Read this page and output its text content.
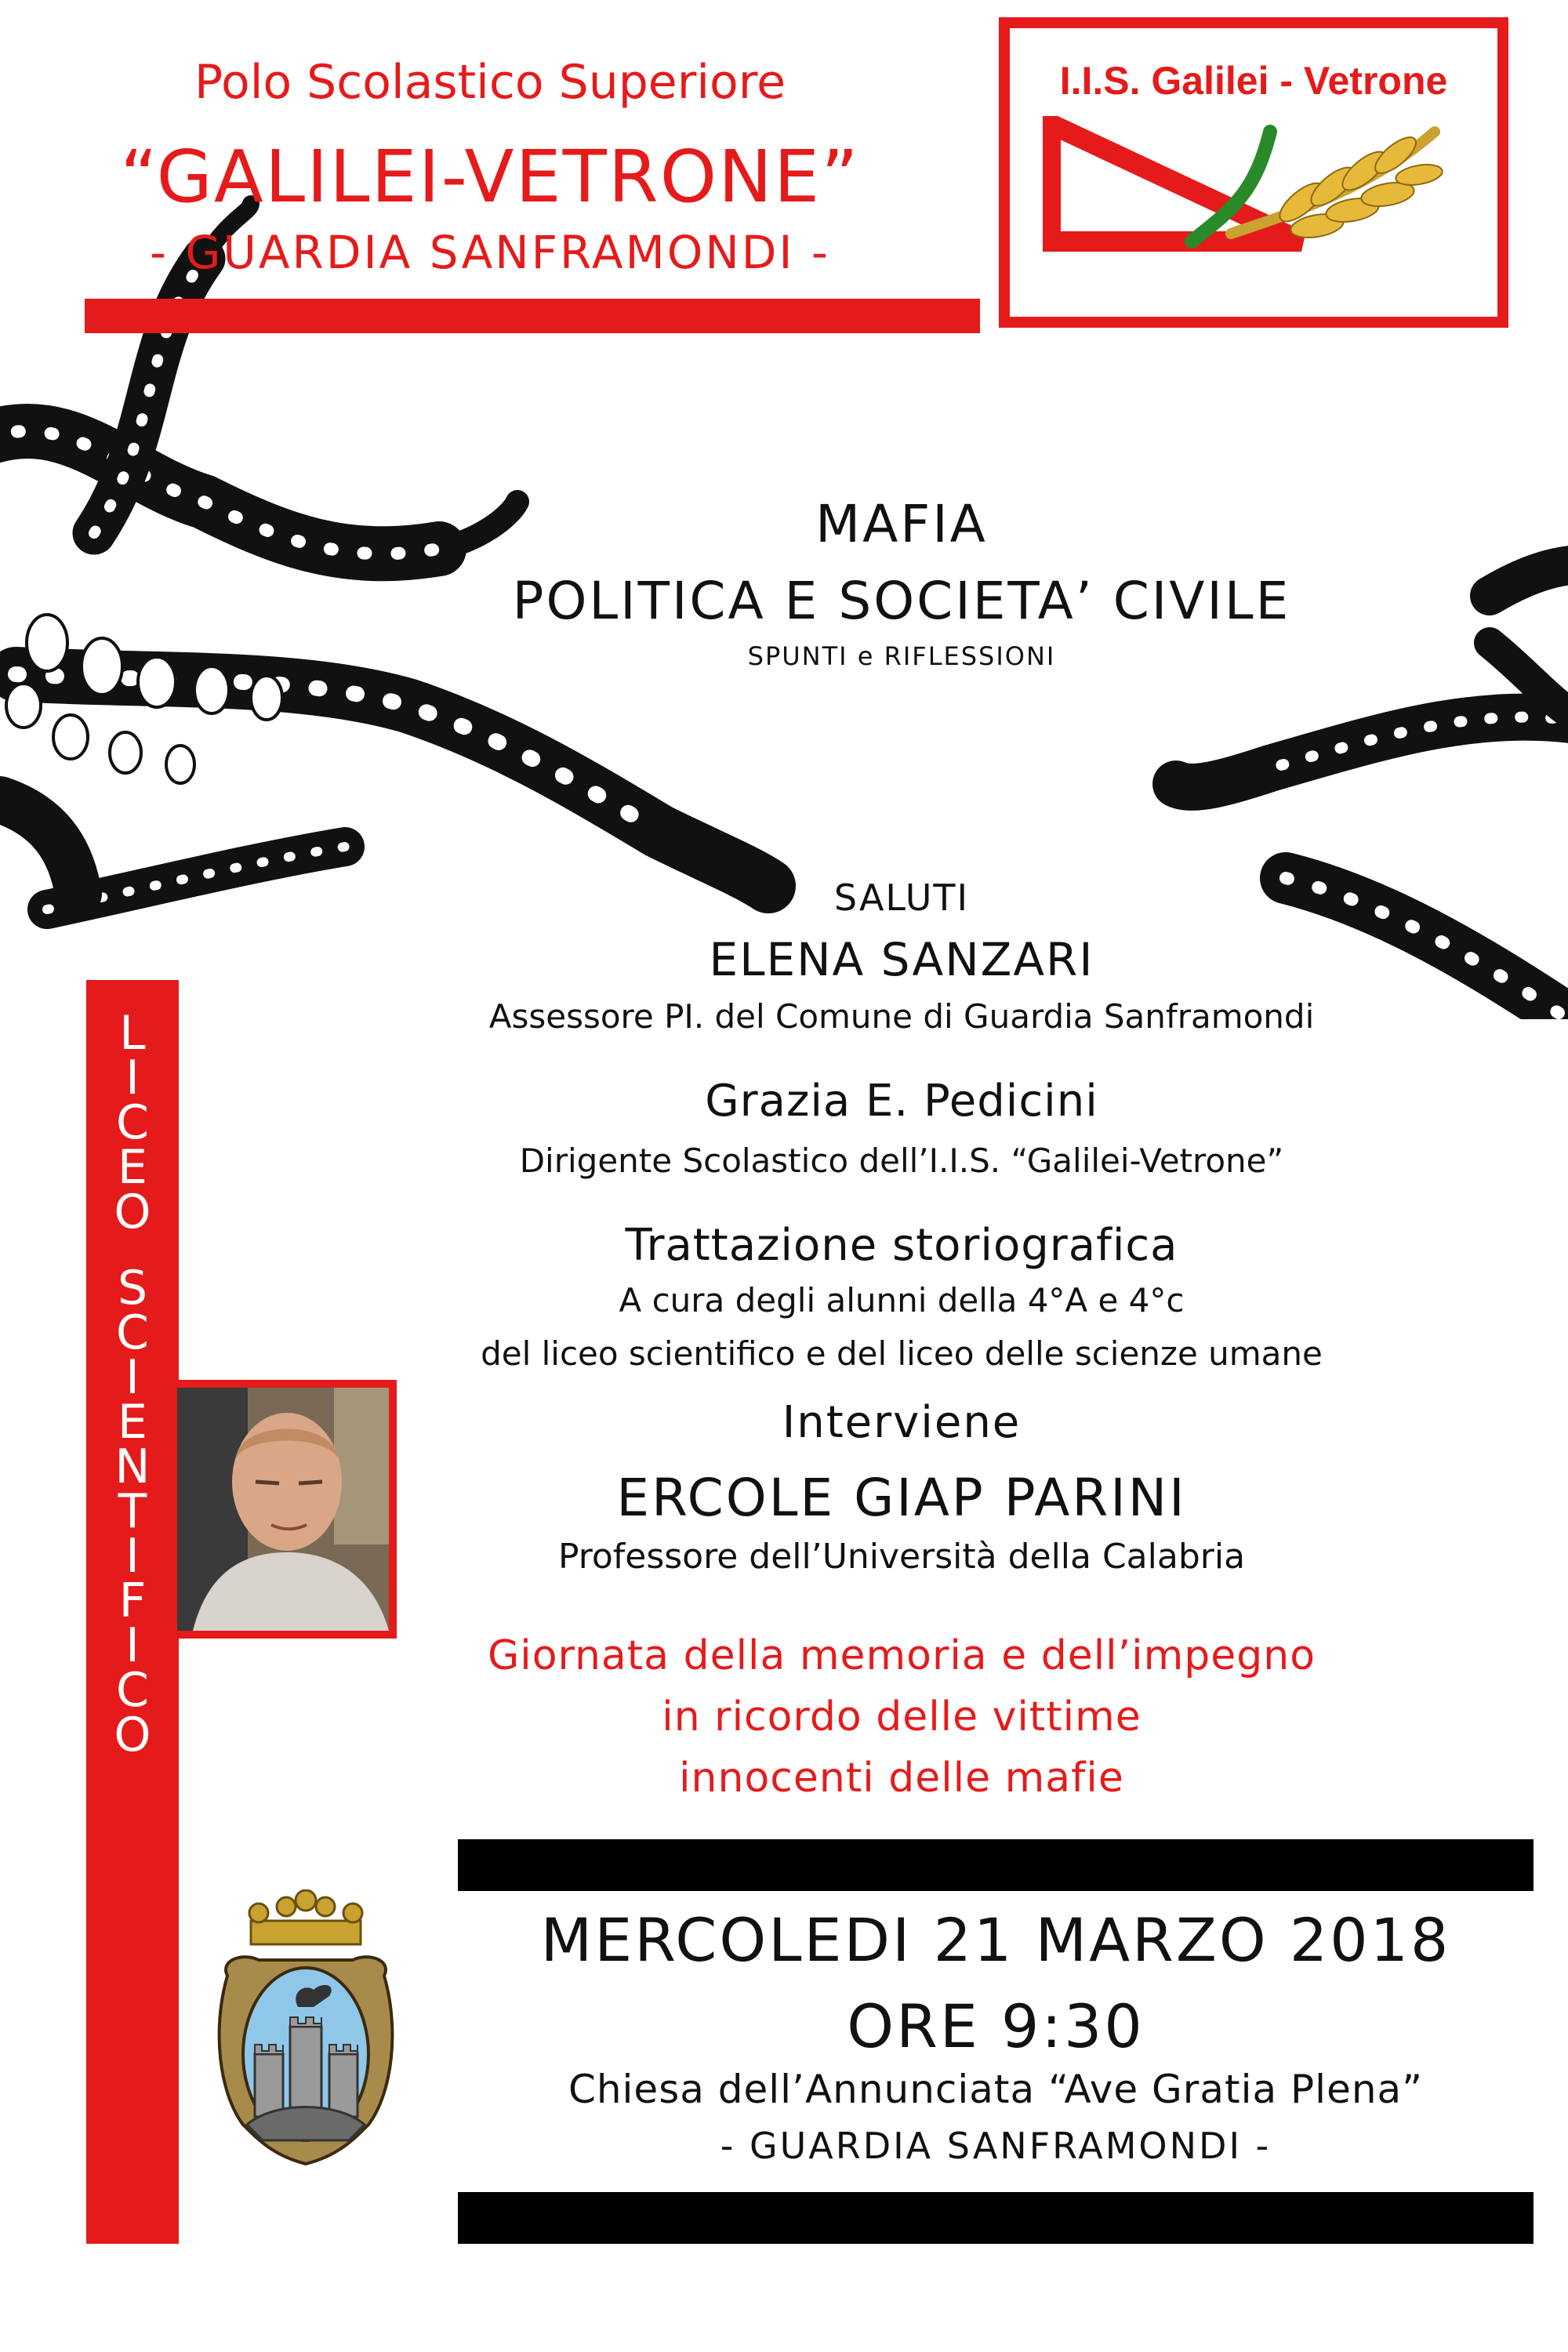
Polo Scolastico Superiore
“GALILEI-VETRONE”
- GUARDIA SANFRAMONDI -
I.I.S. Galilei - Vetrone
MAFIA
POLITICA E SOCIETA’ CIVILE
SPUNTI e RIFLESSIONI
L
I
C
E
O
S
C
I
E
N
T
I
F
I
C
O
SALUTI
ELENA SANZARI
Assessore PI. del Comune di Guardia Sanframondi
Grazia E. Pedicini
Dirigente Scolastico dell’I.I.S. “Galilei-Vetrone”
Trattazione storiografica
A cura degli alunni della 4°A e 4°c
del liceo scientifico e del liceo delle scienze umane
Interviene
ERCOLE GIAP PARINI
Professore dell’Università della Calabria
Giornata della memoria e dell’impegno
in ricordo delle vittime
innocenti delle mafie
MERCOLEDI 21 MARZO 2018
ORE 9:30
Chiesa dell’Annunciata “Ave Gratia Plena”
- GUARDIA SANFRAMONDI -
